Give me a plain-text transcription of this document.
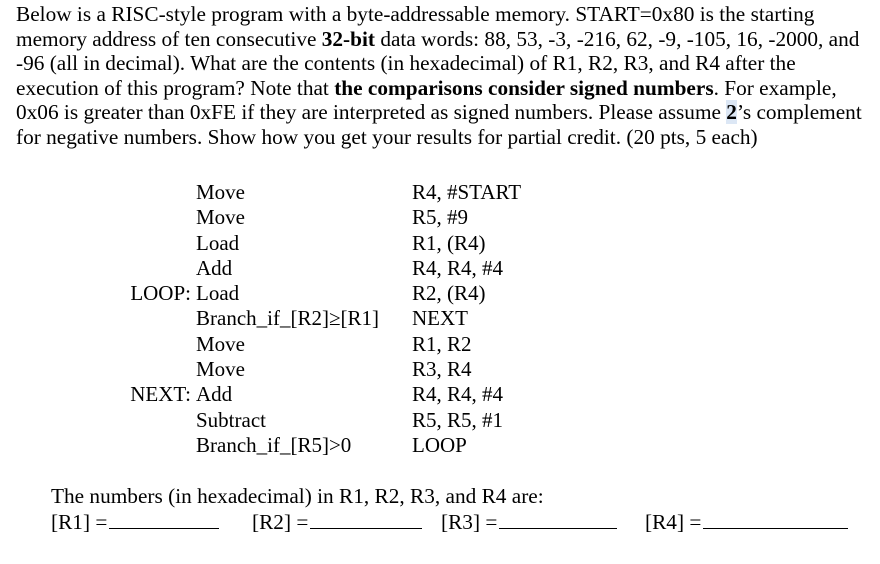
Below is a RISC-style program with a byte-addressable memory. START=0x80 is the starting memory address of ten consecutive 32-bit data words: 88, 53, -3, -216, 62, -9, -105, 16, -2000, and -96 (all in decimal). What are the contents (in hexadecimal) of R1, R2, R3, and R4 after the execution of this program? Note that the comparisons consider signed numbers. For example, 0x06 is greater than 0xFE if they are interpreted as signed numbers. Please assume 2’s complement for negative numbers. Show how you get your results for partial credit. (20 pts, 5 each)

Move	R4, #START
Move	R5, #9
Load	R1, (R4)
Add	R4, R4, #4
LOOP: Load	R2, (R4)
Branch_if_[R2]≥[R1] NEXT
Move	R1, R2
Move	R3, R4
NEXT: Add	R4, R4, #4
Subtract	R5, R5, #1
Branch_if_[R5]>0	LOOP
The numbers (in hexadecimal) in R1, R2, R3, and R4 are:
[R1] =	[R2] =	[R3] =	[R4] =
